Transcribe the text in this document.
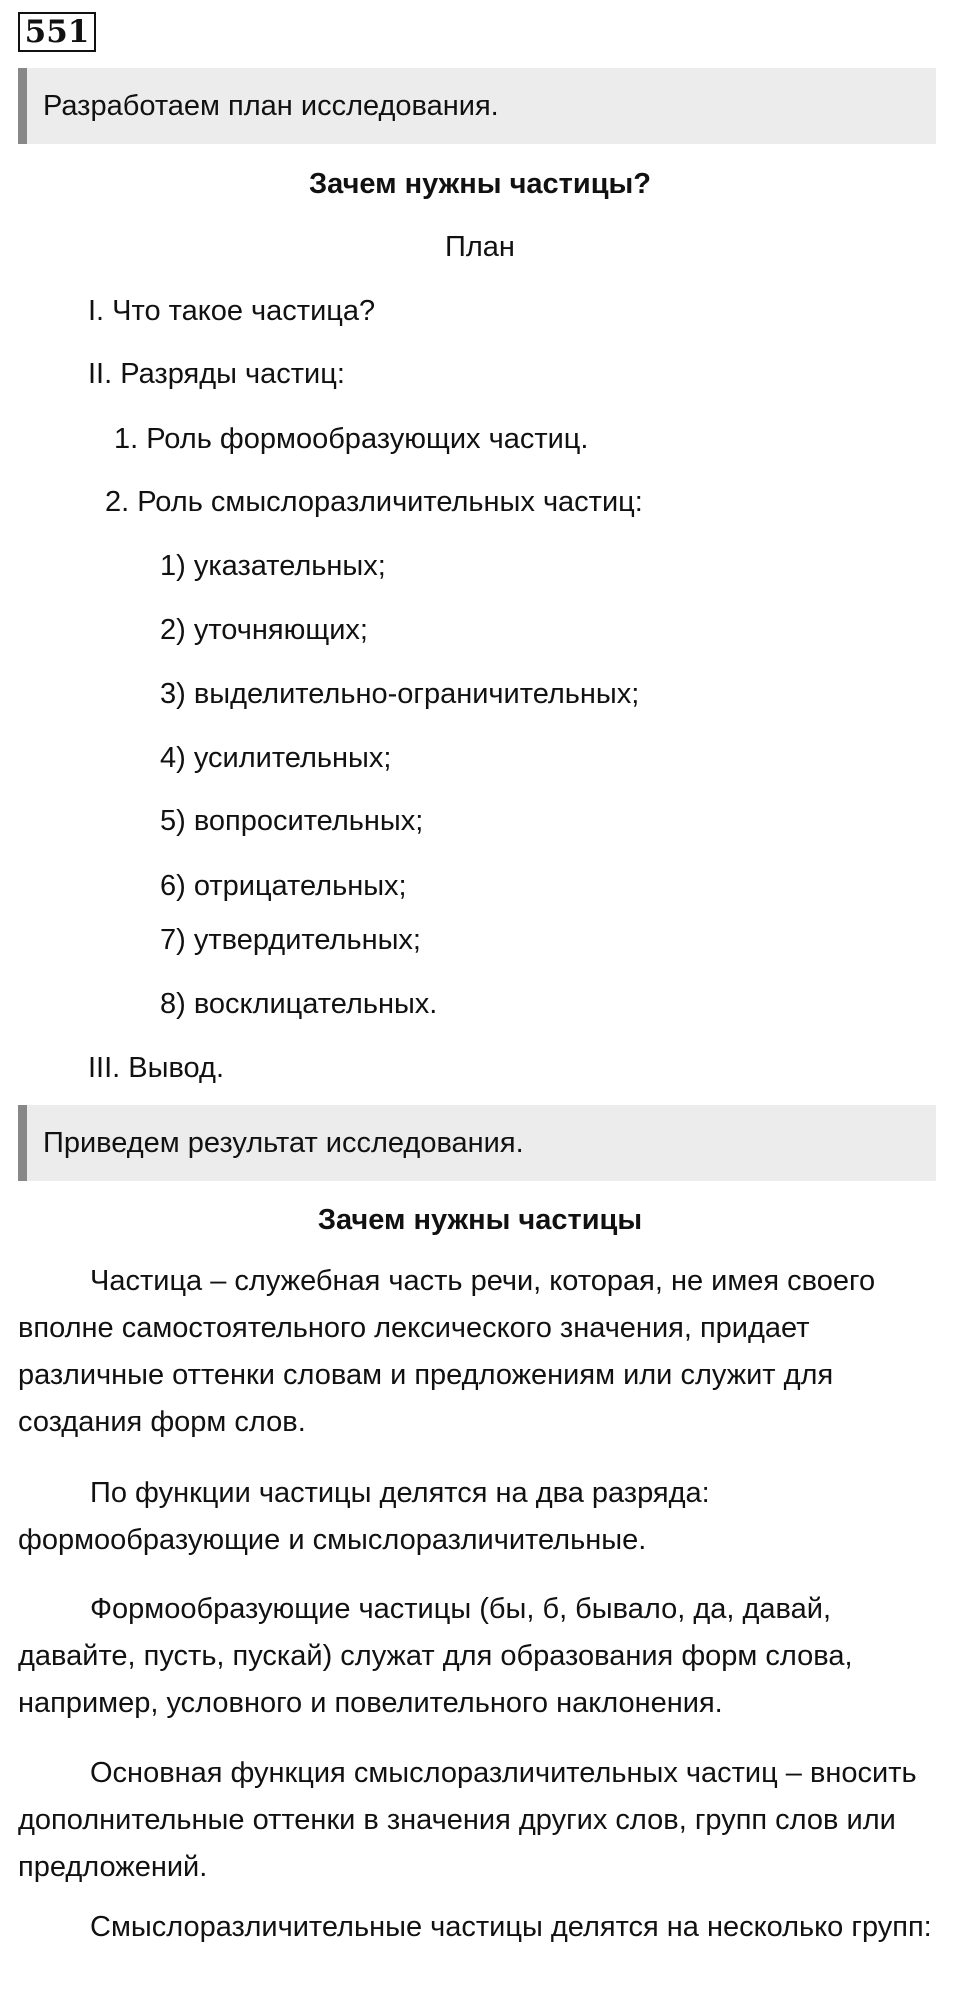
551
Разработаем план исследования.
Зачем нужны частицы?
План
I. Что такое частица?
II. Разряды частиц:
1. Роль формообразующих частиц.
2. Роль смыслоразличительных частиц:
1) указательных;
2) уточняющих;
3) выделительно-ограничительных;
4) усилительных;
5) вопросительных;
6) отрицательных;
7) утвердительных;
8) восклицательных.
III. Вывод.
Приведем результат исследования.
Зачем нужны частицы
Частица – служебная часть речи, которая, не имея своего вполне самостоятельного лексического значения, придает различные оттенки словам и предложениям или служит для создания форм слов.
По функции частицы делятся на два разряда: формообразующие и смыслоразличительные.
Формообразующие частицы (бы, б, бывало, да, давай, давайте, пусть, пускай) служат для образования форм слова, например, условного и повелительного наклонения.
Основная функция смыслоразличительных частиц – вносить дополнительные оттенки в значения других слов, групп слов или предложений.
Смыслоразличительные частицы делятся на несколько групп:
